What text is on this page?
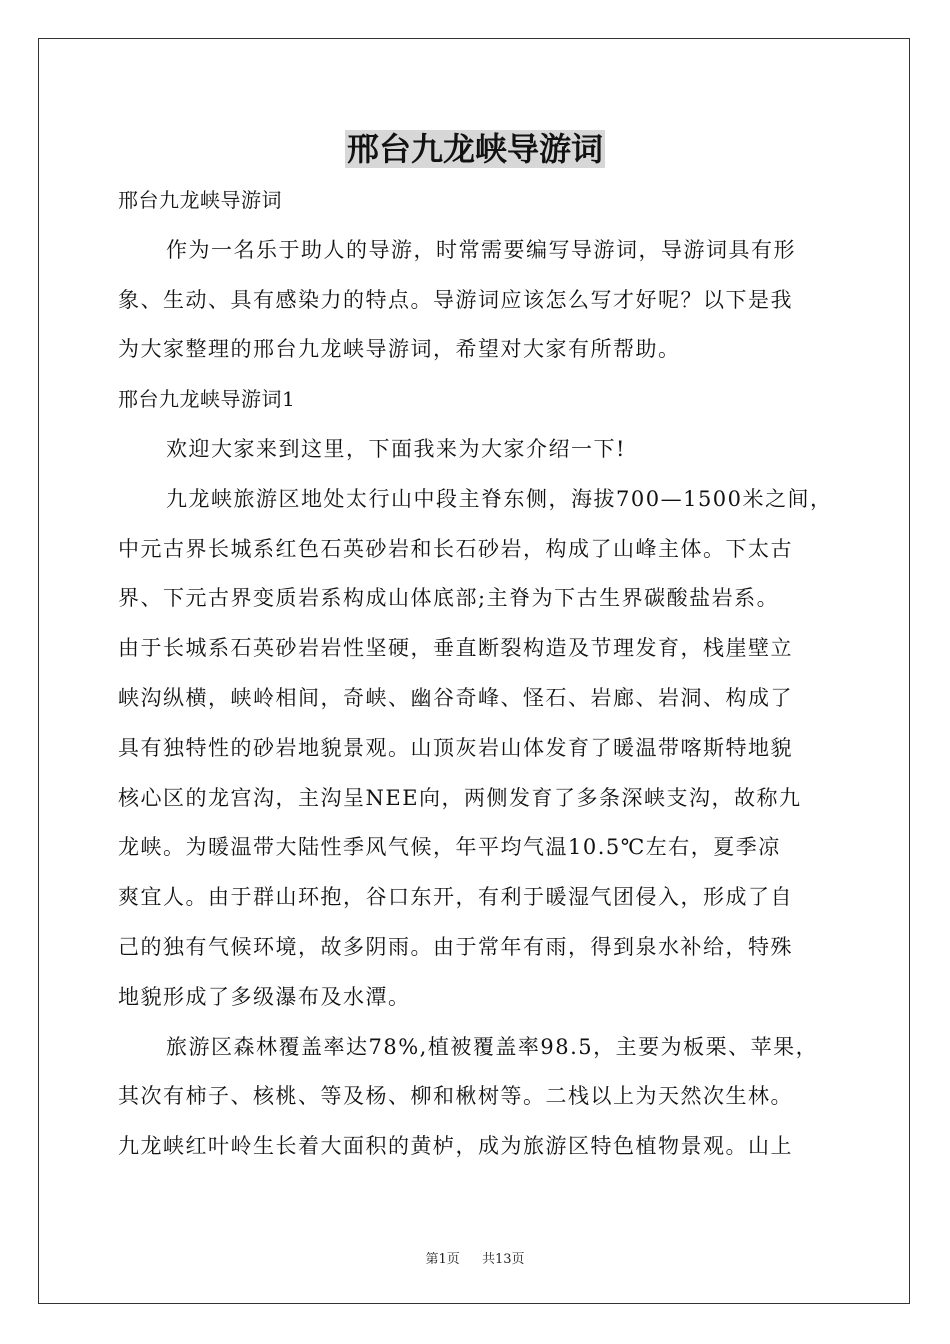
邢台九龙峡导游词
邢台九龙峡导游词
作为一名乐于助人的导游，时常需要编写导游词，导游词具有形
象、生动、具有感染力的特点。导游词应该怎么写才好呢？以下是我
为大家整理的邢台九龙峡导游词，希望对大家有所帮助。
邢台九龙峡导游词1
欢迎大家来到这里，下面我来为大家介绍一下!
九龙峡旅游区地处太行山中段主脊东侧，海拔700—1500米之间，
中元古界长城系红色石英砂岩和长石砂岩，构成了山峰主体。下太古
界、下元古界变质岩系构成山体底部;主脊为下古生界碳酸盐岩系。
由于长城系石英砂岩岩性坚硬，垂直断裂构造及节理发育，栈崖壁立
峡沟纵横，峡岭相间，奇峡、幽谷奇峰、怪石、岩廊、岩洞、构成了
具有独特性的砂岩地貌景观。山顶灰岩山体发育了暖温带喀斯特地貌
核心区的龙宫沟，主沟呈NEE向，两侧发育了多条深峡支沟，故称九
龙峡。为暖温带大陆性季风气候，年平均气温10.5℃左右，夏季凉
爽宜人。由于群山环抱，谷口东开，有利于暖湿气团侵入，形成了自
己的独有气候环境，故多阴雨。由于常年有雨，得到泉水补给，特殊
地貌形成了多级瀑布及水潭。
旅游区森林覆盖率达78%,植被覆盖率98.5，主要为板栗、苹果，
其次有柿子、核桃、等及杨、柳和楸树等。二栈以上为天然次生林。
九龙峡红叶岭生长着大面积的黄栌，成为旅游区特色植物景观。山上
第1页 共13页
